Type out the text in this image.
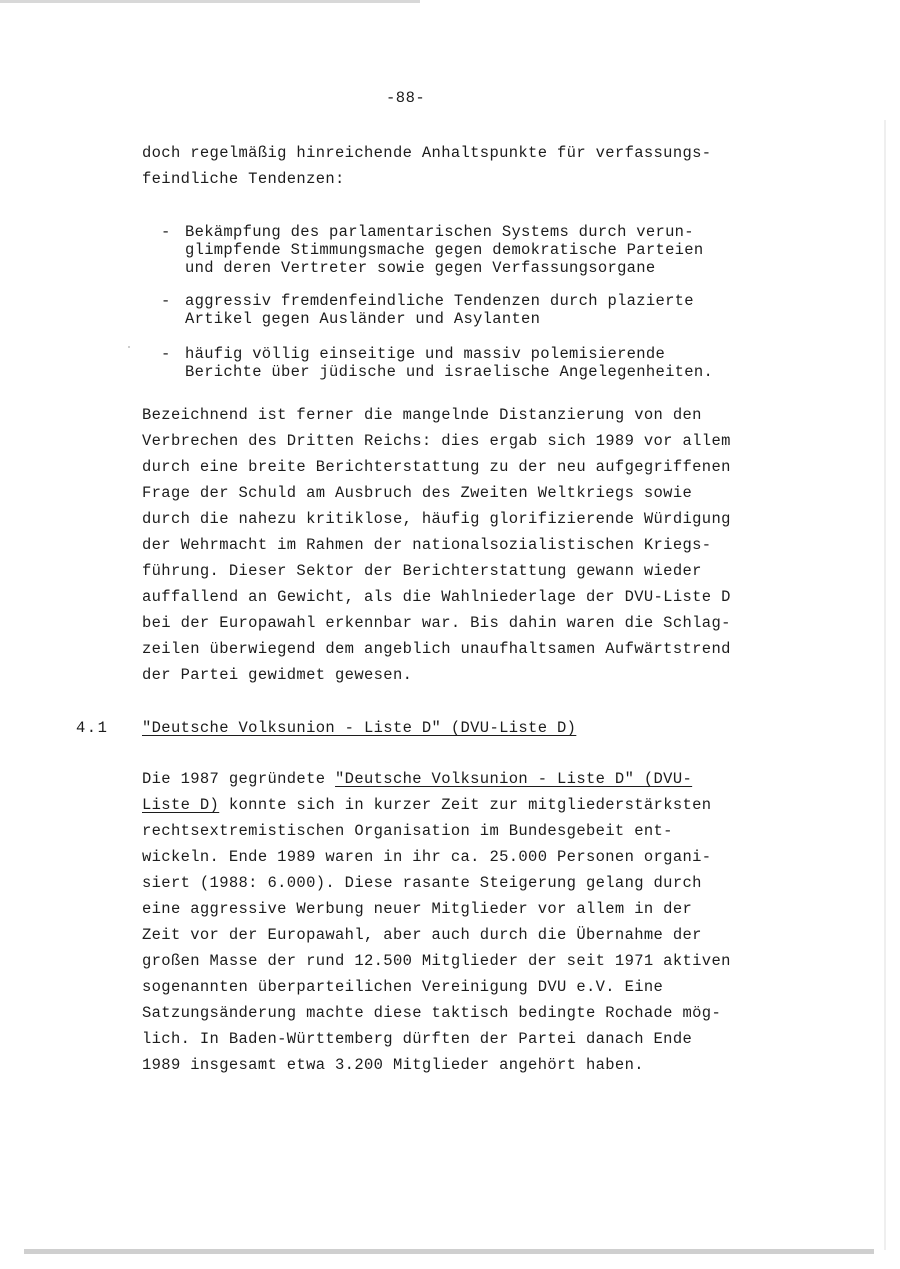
-88-
doch regelmäßig hinreichende Anhaltspunkte für verfassungs-
feindliche Tendenzen:
- Bekämpfung des parlamentarischen Systems durch verun-
glimpfende Stimmungsmache gegen demokratische Parteien
und deren Vertreter sowie gegen Verfassungsorgane
- aggressiv fremdenfeindliche Tendenzen durch plazierte
Artikel gegen Ausländer und Asylanten
- häufig völlig einseitige und massiv polemisierende
Berichte über jüdische und israelische Angelegenheiten.
Bezeichnend ist ferner die mangelnde Distanzierung von den
Verbrechen des Dritten Reichs: dies ergab sich 1989 vor allem
durch eine breite Berichterstattung zu der neu aufgegriffenen
Frage der Schuld am Ausbruch des Zweiten Weltkriegs sowie
durch die nahezu kritiklose, häufig glorifizierende Würdigung
der Wehrmacht im Rahmen der nationalsozialistischen Kriegs-
führung. Dieser Sektor der Berichterstattung gewann wieder
auffallend an Gewicht, als die Wahlniederlage der DVU-Liste D
bei der Europawahl erkennbar war. Bis dahin waren die Schlag-
zeilen überwiegend dem angeblich unaufhaltsamen Aufwärtstrend
der Partei gewidmet gewesen.
4.1 "Deutsche Volksunion - Liste D" (DVU-Liste D)
Die 1987 gegründete "Deutsche Volksunion - Liste D" (DVU-
Liste D) konnte sich in kurzer Zeit zur mitgliederstärksten
rechtsextremistischen Organisation im Bundesgebeit ent-
wickeln. Ende 1989 waren in ihr ca. 25.000 Personen organi-
siert (1988: 6.000). Diese rasante Steigerung gelang durch
eine aggressive Werbung neuer Mitglieder vor allem in der
Zeit vor der Europawahl, aber auch durch die Übernahme der
großen Masse der rund 12.500 Mitglieder der seit 1971 aktiven
sogenannten überparteilichen Vereinigung DVU e.V. Eine
Satzungsänderung machte diese taktisch bedingte Rochade mög-
lich. In Baden-Württemberg dürften der Partei danach Ende
1989 insgesamt etwa 3.200 Mitglieder angehört haben.
